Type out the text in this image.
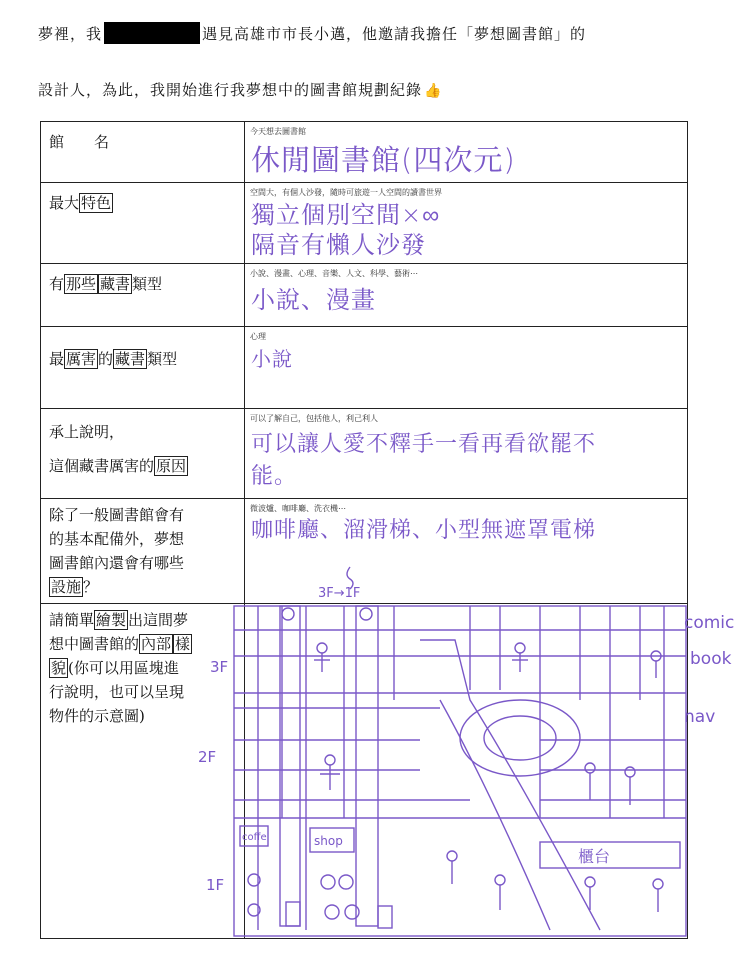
夢裡，我	遇見高雄市市長小邁，他邀請我擔任「夢想圖書館」的
設計人，為此，我開始進行我夢想中的圖書館規劃紀錄 👍
館　　名	今天想去圖書館
休閒圖書館(四次元)

最大 特色	空間大，有個人沙發，隨時可旅遊一人空間的讀書世界
獨立個別空間×∞
隔音有懶人沙發

有 那些 藏書 類型	小說、漫畫、心理、音樂、人文、科學、藝術⋯
小說、漫畫

最 厲害 的 藏書 類型	心理
小說

承上說明，
這個藏書厲害的 原因	可以了解自己，包括他人，利己利人
可以讓人愛不釋手一看再看欲罷不
能。

除了一般圖書館會有
的基本配備外，夢想
圖書館內還會有哪些
設施 ？	微波爐、咖啡廳、洗衣機⋯
咖啡廳、溜滑梯、小型無遮罩電梯

請簡單 繪製 出這間夢
想中圖書館的 內部 樣
貌 (你可以用區塊進
行說明，也可以呈現
物件的示意圖)	

3F→1F
3F
2F
1F
coffe	shop
櫃台
comic
book
nav
